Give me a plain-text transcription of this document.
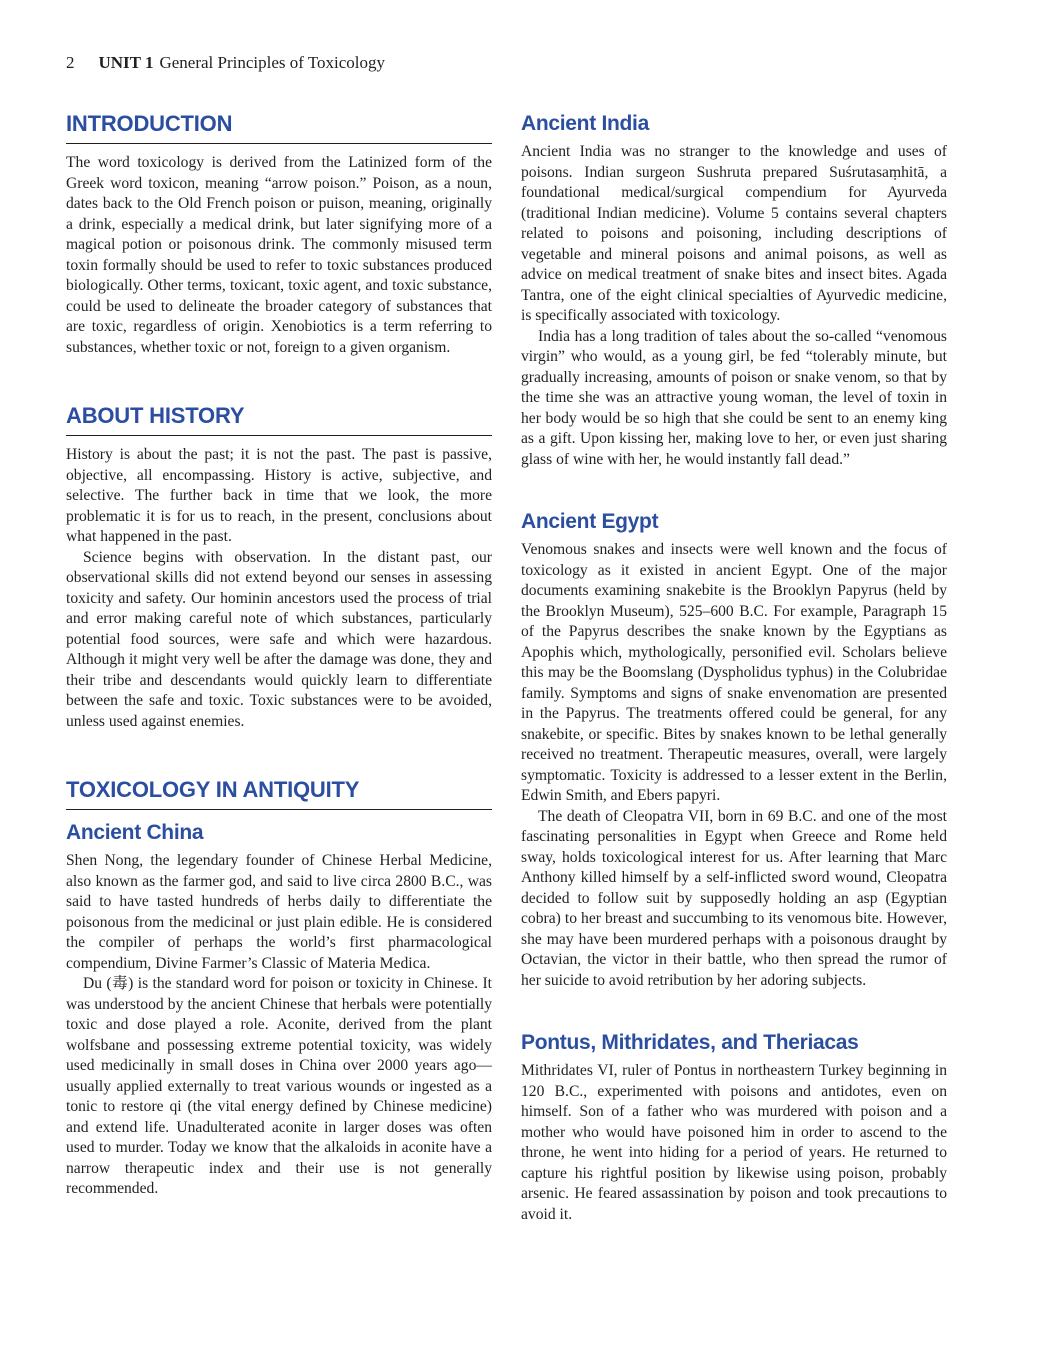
2 UNIT 1 General Principles of Toxicology
INTRODUCTION

The word toxicology is derived from the Latinized form of the Greek word toxicon, meaning “arrow poison.” Poison, as a noun, dates back to the Old French poison or puison, meaning, originally a drink, especially a medical drink, but later signifying more of a magical potion or poisonous drink. The commonly misused term toxin formally should be used to refer to toxic substances produced biologically. Other terms, toxicant, toxic agent, and toxic substance, could be used to delineate the broader category of substances that are toxic, regardless of origin. Xenobiotics is a term referring to substances, whether toxic or not, foreign to a given organism.

ABOUT HISTORY

History is about the past; it is not the past. The past is passive, objective, all encompassing. History is active, subjective, and selective. The further back in time that we look, the more problematic it is for us to reach, in the present, conclusions about what happened in the past.

Science begins with observation. In the distant past, our observational skills did not extend beyond our senses in assessing toxicity and safety. Our hominin ancestors used the process of trial and error making careful note of which substances, particularly potential food sources, were safe and which were hazardous. Although it might very well be after the damage was done, they and their tribe and descendants would quickly learn to differentiate between the safe and toxic. Toxic substances were to be avoided, unless used against enemies.

TOXICOLOGY IN ANTIQUITY
Ancient China

Shen Nong, the legendary founder of Chinese Herbal Medicine, also known as the farmer god, and said to live circa 2800 B.C., was said to have tasted hundreds of herbs daily to differentiate the poisonous from the medicinal or just plain edible. He is considered the compiler of perhaps the world’s first pharmacological compendium, Divine Farmer’s Classic of Materia Medica.

Du (毒) is the standard word for poison or toxicity in Chinese. It was understood by the ancient Chinese that herbals were potentially toxic and dose played a role. Aconite, derived from the plant wolfsbane and possessing extreme potential toxicity, was widely used medicinally in small doses in China over 2000 years ago—usually applied externally to treat various wounds or ingested as a tonic to restore qi (the vital energy defined by Chinese medicine) and extend life. Unadulterated aconite in larger doses was often used to murder. Today we know that the alkaloids in aconite have a narrow therapeutic index and their use is not generally recommended.

Ancient India

Ancient India was no stranger to the knowledge and uses of poisons. Indian surgeon Sushruta prepared Suśrutasaṃhitā, a foundational medical/surgical compendium for Ayurveda (traditional Indian medicine). Volume 5 contains several chapters related to poisons and poisoning, including descriptions of vegetable and mineral poisons and animal poisons, as well as advice on medical treatment of snake bites and insect bites. Agada Tantra, one of the eight clinical specialties of Ayurvedic medicine, is specifically associated with toxicology.

India has a long tradition of tales about the so-called “venomous virgin” who would, as a young girl, be fed “tolerably minute, but gradually increasing, amounts of poison or snake venom, so that by the time she was an attractive young woman, the level of toxin in her body would be so high that she could be sent to an enemy king as a gift. Upon kissing her, making love to her, or even just sharing glass of wine with her, he would instantly fall dead.”

Ancient Egypt

Venomous snakes and insects were well known and the focus of toxicology as it existed in ancient Egypt. One of the major documents examining snakebite is the Brooklyn Papyrus (held by the Brooklyn Museum), 525–600 B.C. For example, Paragraph 15 of the Papyrus describes the snake known by the Egyptians as Apophis which, mythologically, personified evil. Scholars believe this may be the Boomslang (Dyspholidus typhus) in the Colubridae family. Symptoms and signs of snake envenomation are presented in the Papyrus. The treatments offered could be general, for any snakebite, or specific. Bites by snakes known to be lethal generally received no treatment. Therapeutic measures, overall, were largely symptomatic. Toxicity is addressed to a lesser extent in the Berlin, Edwin Smith, and Ebers papyri.

The death of Cleopatra VII, born in 69 B.C. and one of the most fascinating personalities in Egypt when Greece and Rome held sway, holds toxicological interest for us. After learning that Marc Anthony killed himself by a self-inflicted sword wound, Cleopatra decided to follow suit by supposedly holding an asp (Egyptian cobra) to her breast and succumbing to its venomous bite. However, she may have been murdered perhaps with a poisonous draught by Octavian, the victor in their battle, who then spread the rumor of her suicide to avoid retribution by her adoring subjects.

Pontus, Mithridates, and Theriacas

Mithridates VI, ruler of Pontus in northeastern Turkey beginning in 120 B.C., experimented with poisons and antidotes, even on himself. Son of a father who was murdered with poison and a mother who would have poisoned him in order to ascend to the throne, he went into hiding for a period of years. He returned to capture his rightful position by likewise using poison, probably arsenic. He feared assassination by poison and took precautions to avoid it.
